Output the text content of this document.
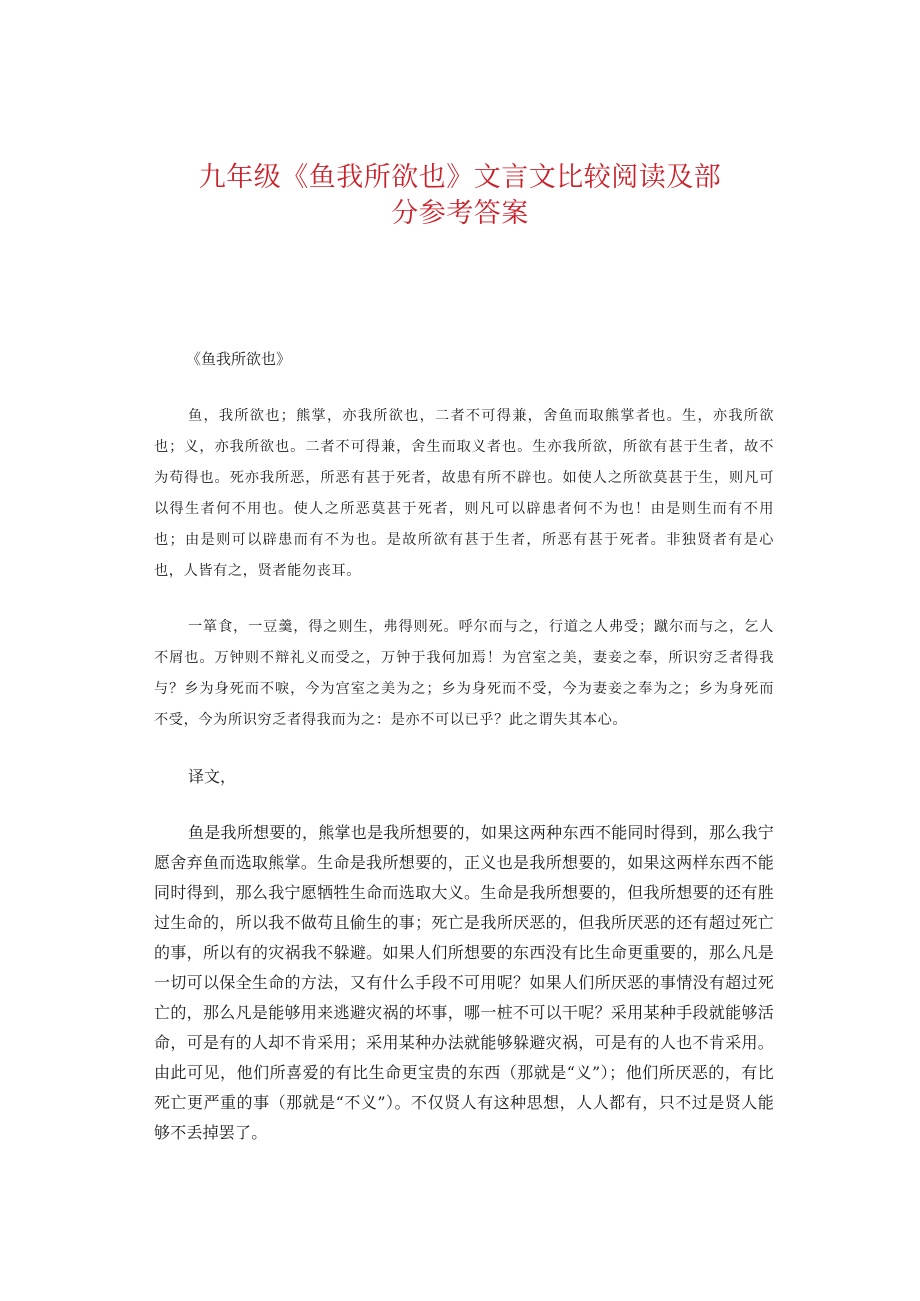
九年级《鱼我所欲也》文言文比较阅读及部
分参考答案

《鱼我所欲也》

鱼，我所欲也；熊掌，亦我所欲也，二者不可得兼，舍鱼而取熊掌者也。生，亦我所欲也；义，亦我所欲也。二者不可得兼，舍生而取义者也。生亦我所欲，所欲有甚于生者，故不为苟得也。死亦我所恶，所恶有甚于死者，故患有所不辟也。如使人之所欲莫甚于生，则凡可以得生者何不用也。使人之所恶莫甚于死者，则凡可以辟患者何不为也！由是则生而有不用也；由是则可以辟患而有不为也。是故所欲有甚于生者，所恶有甚于死者。非独贤者有是心也，人皆有之，贤者能勿丧耳。

一箪食，一豆羹，得之则生，弗得则死。呼尔而与之，行道之人弗受；蹴尔而与之，乞人不屑也。万钟则不辩礼义而受之，万钟于我何加焉！为宫室之美，妻妾之奉，所识穷乏者得我与？乡为身死而不唳，今为宫室之美为之；乡为身死而不受，今为妻妾之奉为之；乡为身死而不受，今为所识穷乏者得我而为之：是亦不可以已乎？此之谓失其本心。

译文，

鱼是我所想要的，熊掌也是我所想要的，如果这两种东西不能同时得到，那么我宁愿舍弃鱼而选取熊掌。生命是我所想要的，正义也是我所想要的，如果这两样东西不能同时得到，那么我宁愿牺牲生命而选取大义。生命是我所想要的，但我所想要的还有胜过生命的，所以我不做苟且偷生的事；死亡是我所厌恶的，但我所厌恶的还有超过死亡的事，所以有的灾祸我不躲避。如果人们所想要的东西没有比生命更重要的，那么凡是一切可以保全生命的方法，又有什么手段不可用呢？如果人们所厌恶的事情没有超过死亡的，那么凡是能够用来逃避灾祸的坏事，哪一桩不可以干呢？采用某种手段就能够活命，可是有的人却不肯采用；采用某种办法就能够躲避灾祸，可是有的人也不肯采用。由此可见，他们所喜爱的有比生命更宝贵的东西（那就是“义”）；他们所厌恶的，有比死亡更严重的事（那就是“不义”）。不仅贤人有这种思想，人人都有，只不过是贤人能够不丢掉罢了。
